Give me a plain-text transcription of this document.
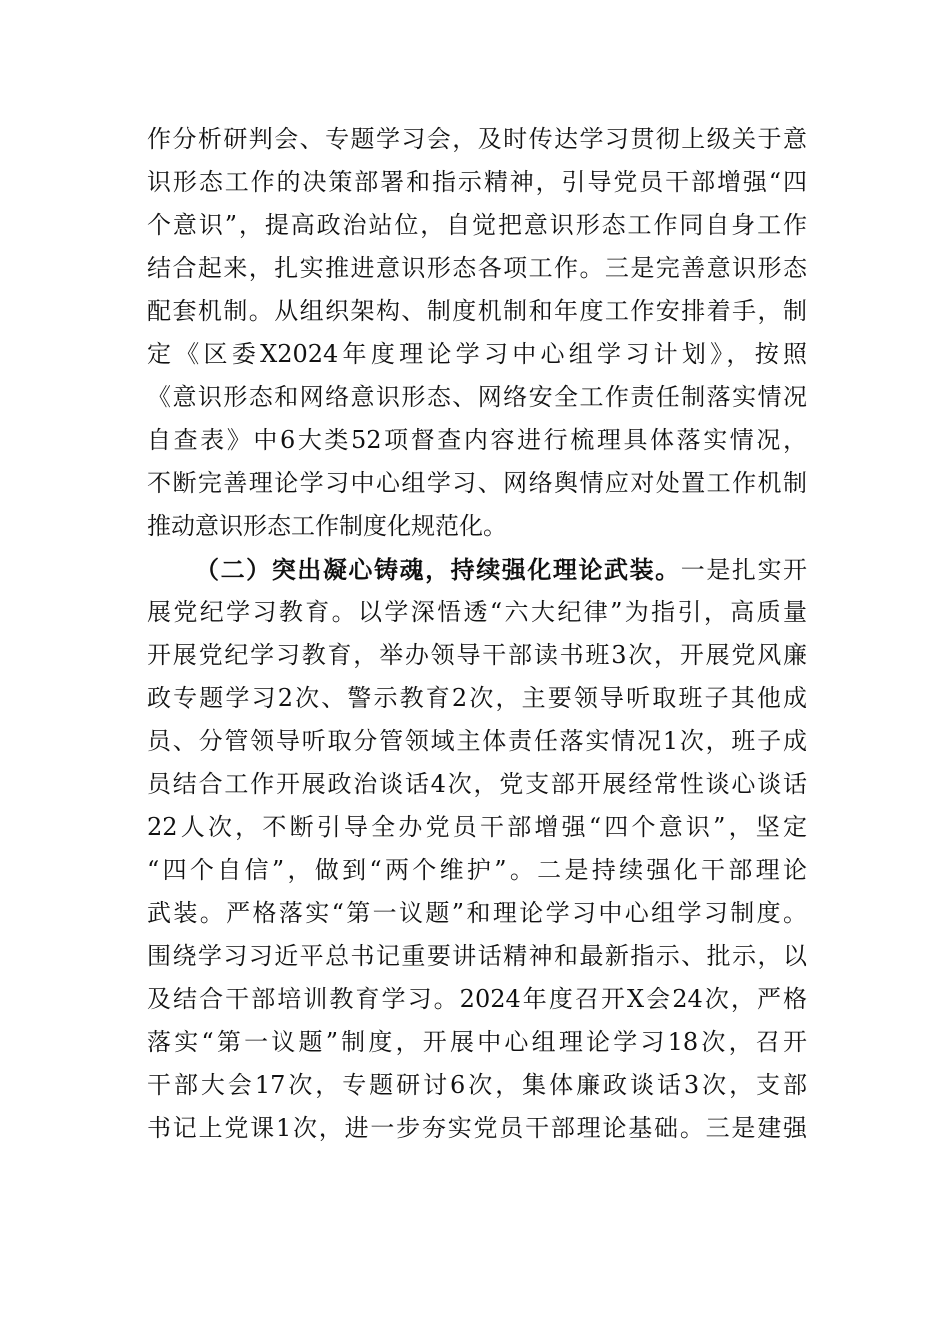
作分析研判会、专题学习会，及时传达学习贯彻上级关于意
识形态工作的决策部署和指示精神，引导党员干部增强“四
个意识”，提高政治站位，自觉把意识形态工作同自身工作
结合起来，扎实推进意识形态各项工作。三是完善意识形态
配套机制。从组织架构、制度机制和年度工作安排着手，制
定《区委X2024年度理论学习中心组学习计划》，按照
《意识形态和网络意识形态、网络安全工作责任制落实情况
自查表》中6大类52项督查内容进行梳理具体落实情况，
不断完善理论学习中心组学习、网络舆情应对处置工作机制
推动意识形态工作制度化规范化。
（二）突出凝心铸魂，持续强化理论武装。一是扎实开
展党纪学习教育。以学深悟透“六大纪律”为指引，高质量
开展党纪学习教育，举办领导干部读书班3次，开展党风廉
政专题学习2次、警示教育2次，主要领导听取班子其他成
员、分管领导听取分管领域主体责任落实情况1次，班子成
员结合工作开展政治谈话4次，党支部开展经常性谈心谈话
22人次，不断引导全办党员干部增强“四个意识”，坚定
“四个自信”，做到“两个维护”。二是持续强化干部理论
武装。严格落实“第一议题”和理论学习中心组学习制度。
围绕学习习近平总书记重要讲话精神和最新指示、批示，以
及结合干部培训教育学习。2024年度召开X会24次，严格
落实“第一议题”制度，开展中心组理论学习18次，召开
干部大会17次，专题研讨6次，集体廉政谈话3次，支部
书记上党课1次，进一步夯实党员干部理论基础。三是建强
